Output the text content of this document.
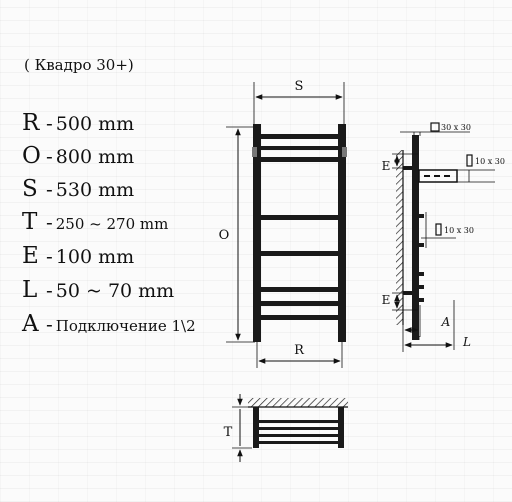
( Квадро 30+)
R - 500 mm
O - 800 mm
S - 530 mm
T - 250 ~ 270 mm
E - 100 mm
L - 50 ~ 70 mm
A - Подключение 1\2
S
O
R
T
30 x 30
10 x 30
10 x 30
E
E
A
L
